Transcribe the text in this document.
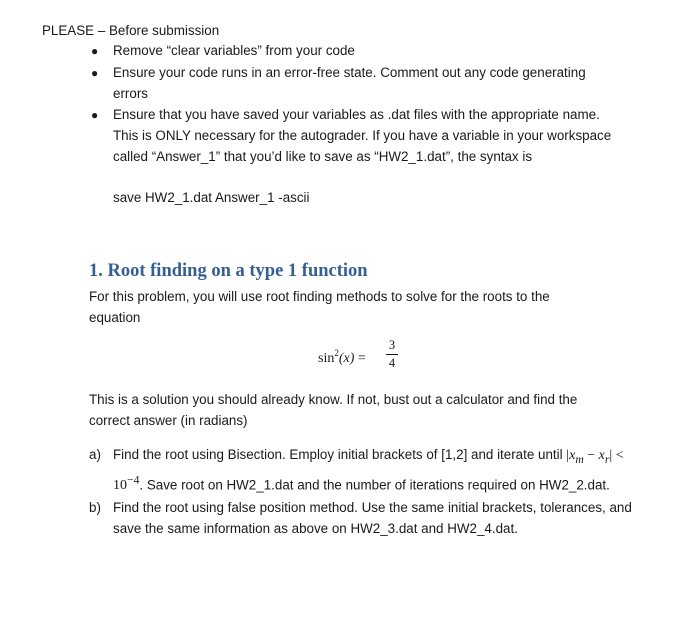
PLEASE – Before submission
● Remove “clear variables” from your code
● Ensure your code runs in an error-free state. Comment out any code generating errors
● Ensure that you have saved your variables as .dat files with the appropriate name. This is ONLY necessary for the autograder. If you have a variable in your workspace called “Answer_1” that you’d like to save as “HW2_1.dat”, the syntax is
save HW2_1.dat Answer_1 -ascii
1. Root finding on a type 1 function
For this problem, you will use root finding methods to solve for the roots to the equation
$\sin^2(x)$ =
3
4
This is a solution you should already know. If not, bust out a calculator and find the correct answer (in radians)
a) Find the root using Bisection. Employ initial brackets of [1,2] and iterate until $|x_m - x_r| < 10^{-4}$. Save root on HW2_1.dat and the number of iterations required on HW2_2.dat.
b) Find the root using false position method. Use the same initial brackets, tolerances, and save the same information as above on HW2_3.dat and HW2_4.dat.
